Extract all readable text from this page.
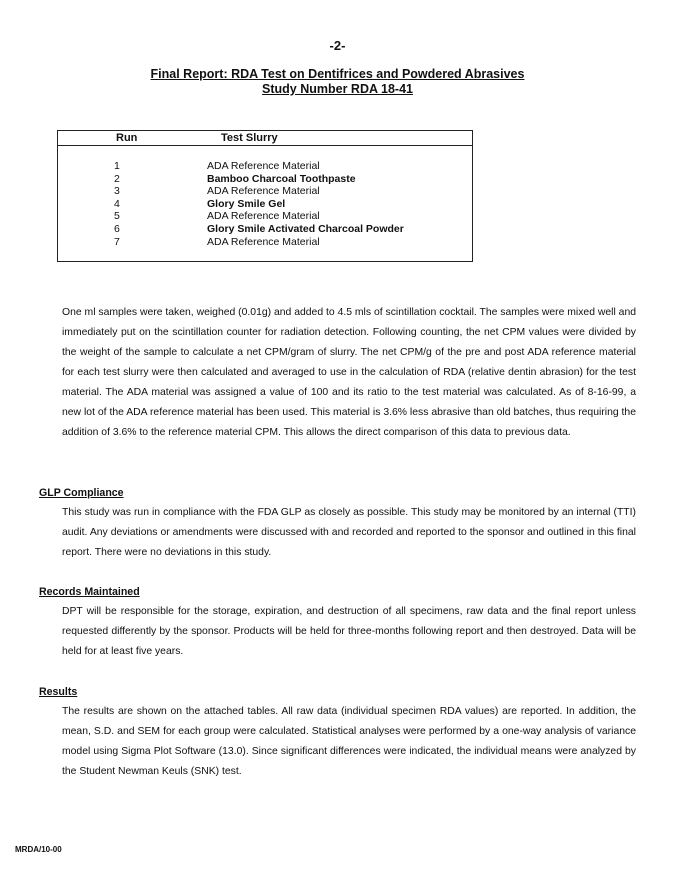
-2-
Final Report: RDA Test on Dentifrices and Powdered Abrasives
Study Number RDA 18-41
Run	Test Slurry
1	ADA Reference Material
2	Bamboo Charcoal Toothpaste
3	ADA Reference Material
4	Glory Smile Gel
5	ADA Reference Material
6	Glory Smile Activated Charcoal Powder
7	ADA Reference Material
One ml samples were taken, weighed (0.01g) and added to 4.5 mls of scintillation cocktail. The samples were mixed well and immediately put on the scintillation counter for radiation detection. Following counting, the net CPM values were divided by the weight of the sample to calculate a net CPM/gram of slurry. The net CPM/g of the pre and post ADA reference material for each test slurry were then calculated and averaged to use in the calculation of RDA (relative dentin abrasion) for the test material. The ADA material was assigned a value of 100 and its ratio to the test material was calculated. As of 8-16-99, a new lot of the ADA reference material has been used. This material is 3.6% less abrasive than old batches, thus requiring the addition of 3.6% to the reference material CPM. This allows the direct comparison of this data to previous data.
GLP Compliance
This study was run in compliance with the FDA GLP as closely as possible. This study may be monitored by an internal (TTI) audit. Any deviations or amendments were discussed with and recorded and reported to the sponsor and outlined in this final report. There were no deviations in this study.
Records Maintained
DPT will be responsible for the storage, expiration, and destruction of all specimens, raw data and the final report unless requested differently by the sponsor. Products will be held for three-months following report and then destroyed. Data will be held for at least five years.
Results
The results are shown on the attached tables. All raw data (individual specimen RDA values) are reported. In addition, the mean, S.D. and SEM for each group were calculated. Statistical analyses were performed by a one-way analysis of variance model using Sigma Plot Software (13.0). Since significant differences were indicated, the individual means were analyzed by the Student Newman Keuls (SNK) test.
MRDA/10-00
